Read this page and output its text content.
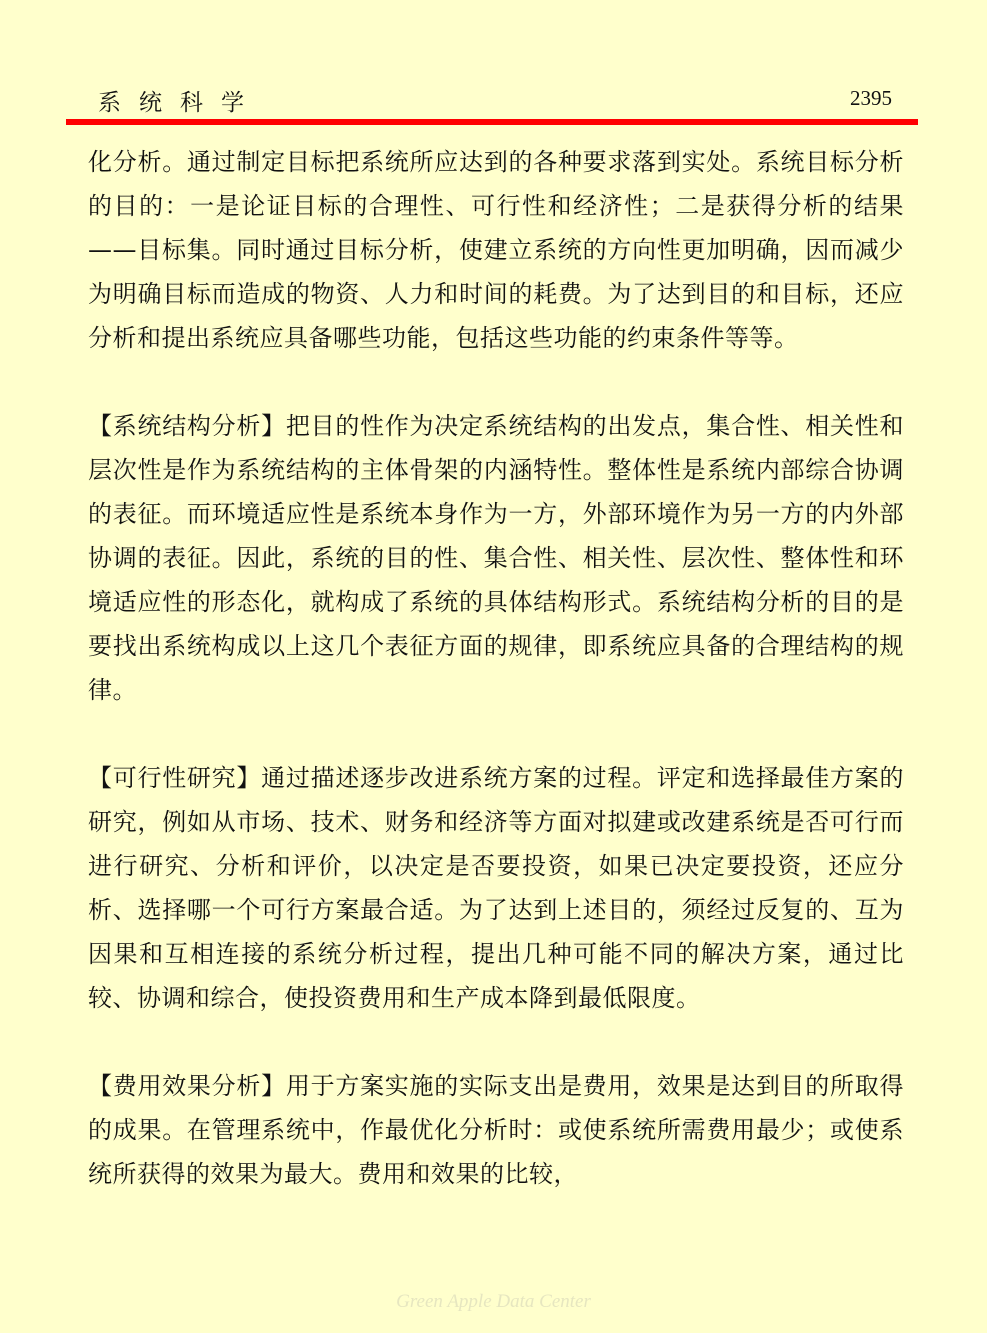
系统科学	2395

化分析。通过制定目标把系统所应达到的各种要求落到实处。系统目标分析的目的：一是论证目标的合理性、可行性和经济性；二是获得分析的结果——目标集。同时通过目标分析，使建立系统的方向性更加明确，因而减少为明确目标而造成的物资、人力和时间的耗费。为了达到目的和目标，还应分析和提出系统应具备哪些功能，包括这些功能的约束条件等等。

【系统结构分析】把目的性作为决定系统结构的出发点，集合性、相关性和层次性是作为系统结构的主体骨架的内涵特性。整体性是系统内部综合协调的表征。而环境适应性是系统本身作为一方，外部环境作为另一方的内外部协调的表征。因此，系统的目的性、集合性、相关性、层次性、整体性和环境适应性的形态化，就构成了系统的具体结构形式。系统结构分析的目的是要找出系统构成以上这几个表征方面的规律，即系统应具备的合理结构的规律。

【可行性研究】通过描述逐步改进系统方案的过程。评定和选择最佳方案的研究，例如从市场、技术、财务和经济等方面对拟建或改建系统是否可行而进行研究、分析和评价，以决定是否要投资，如果已决定要投资，还应分析、选择哪一个可行方案最合适。为了达到上述目的，须经过反复的、互为因果和互相连接的系统分析过程，提出几种可能不同的解决方案，通过比较、协调和综合，使投资费用和生产成本降到最低限度。

【费用效果分析】用于方案实施的实际支出是费用，效果是达到目的所取得的成果。在管理系统中，作最优化分析时：或使系统所需费用最少；或使系统所获得的效果为最大。费用和效果的比较，

Green Apple Data Center
